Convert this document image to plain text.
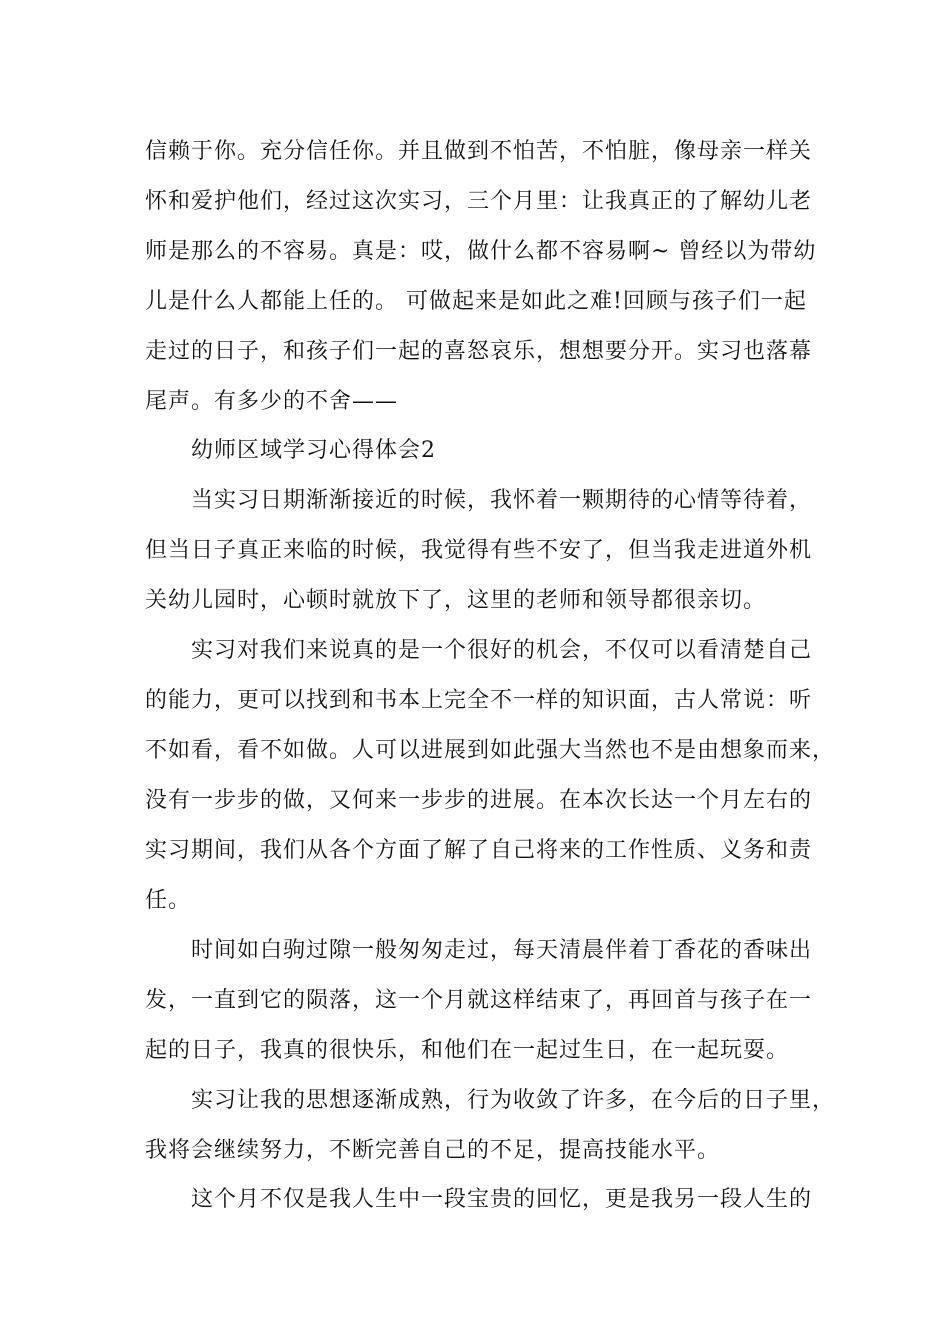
信赖于你。充分信任你。并且做到不怕苦，不怕脏，像母亲一样关
怀和爱护他们，经过这次实习，三个月里：让我真正的了解幼儿老
师是那么的不容易。真是：哎，做什么都不容易啊~ 曾经以为带幼
儿是什么人都能上任的。 可做起来是如此之难!回顾与孩子们一起
走过的日子，和孩子们一起的喜怒哀乐，想想要分开。实习也落幕
尾声。有多少的不舍——
幼师区域学习心得体会2
当实习日期渐渐接近的时候，我怀着一颗期待的心情等待着，
但当日子真正来临的时候，我觉得有些不安了，但当我走进道外机
关幼儿园时，心顿时就放下了，这里的老师和领导都很亲切。
实习对我们来说真的是一个很好的机会，不仅可以看清楚自己
的能力，更可以找到和书本上完全不一样的知识面，古人常说：听
不如看，看不如做。人可以进展到如此强大当然也不是由想象而来，
没有一步步的做，又何来一步步的进展。在本次长达一个月左右的
实习期间，我们从各个方面了解了自己将来的工作性质、义务和责
任。
时间如白驹过隙一般匆匆走过，每天清晨伴着丁香花的香味出
发，一直到它的陨落，这一个月就这样结束了，再回首与孩子在一
起的日子，我真的很快乐，和他们在一起过生日，在一起玩耍。
实习让我的思想逐渐成熟，行为收敛了许多，在今后的日子里，
我将会继续努力，不断完善自己的不足，提高技能水平。
这个月不仅是我人生中一段宝贵的回忆，更是我另一段人生的
